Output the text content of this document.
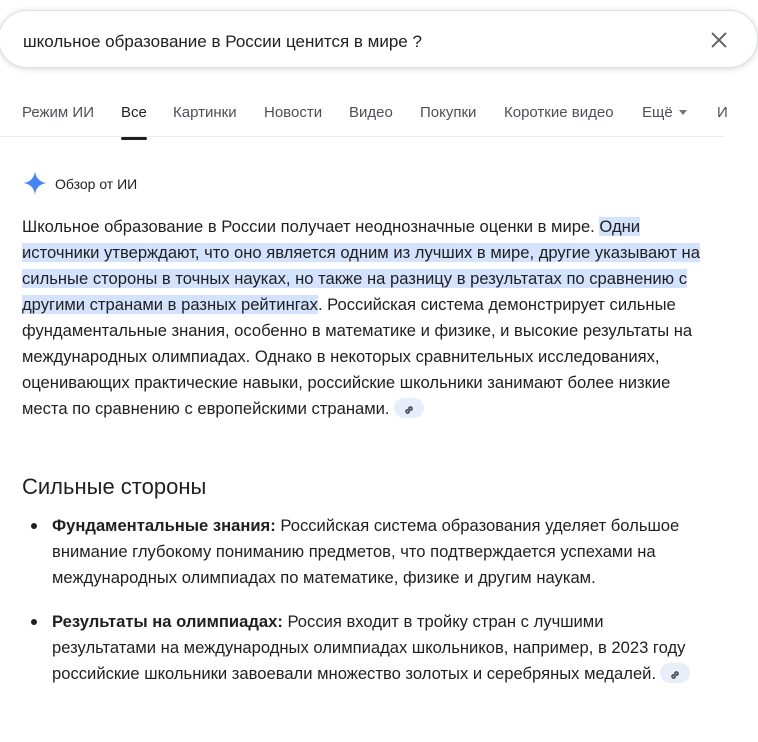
школьное образование в России ценится в мире ?
Режим ИИ Все Картинки Новости Видео Покупки Короткие видео Ещё	И
Обзор от ИИ
Школьное образование в России получает неоднозначные оценки в мире. Одни источники утверждают, что оно является одним из лучших в мире, другие указывают на сильные стороны в точных науках, но также на разницу в результатах по сравнению с другими странами в разных рейтингах. Российская система демонстрирует сильные фундаментальные знания, особенно в математике и физике, и высокие результаты на международных олимпиадах. Однако в некоторых сравнительных исследованиях, оценивающих практические навыки, российские школьники занимают более низкие места по сравнению с европейскими странами.
Сильные стороны
Фундаментальные знания: Российская система образования уделяет большое внимание глубокому пониманию предметов, что подтверждается успехами на международных олимпиадах по математике, физике и другим наукам.
Результаты на олимпиадах: Россия входит в тройку стран с лучшими результатами на международных олимпиадах школьников, например, в 2023 году российские школьники завоевали множество золотых и серебряных медалей.
